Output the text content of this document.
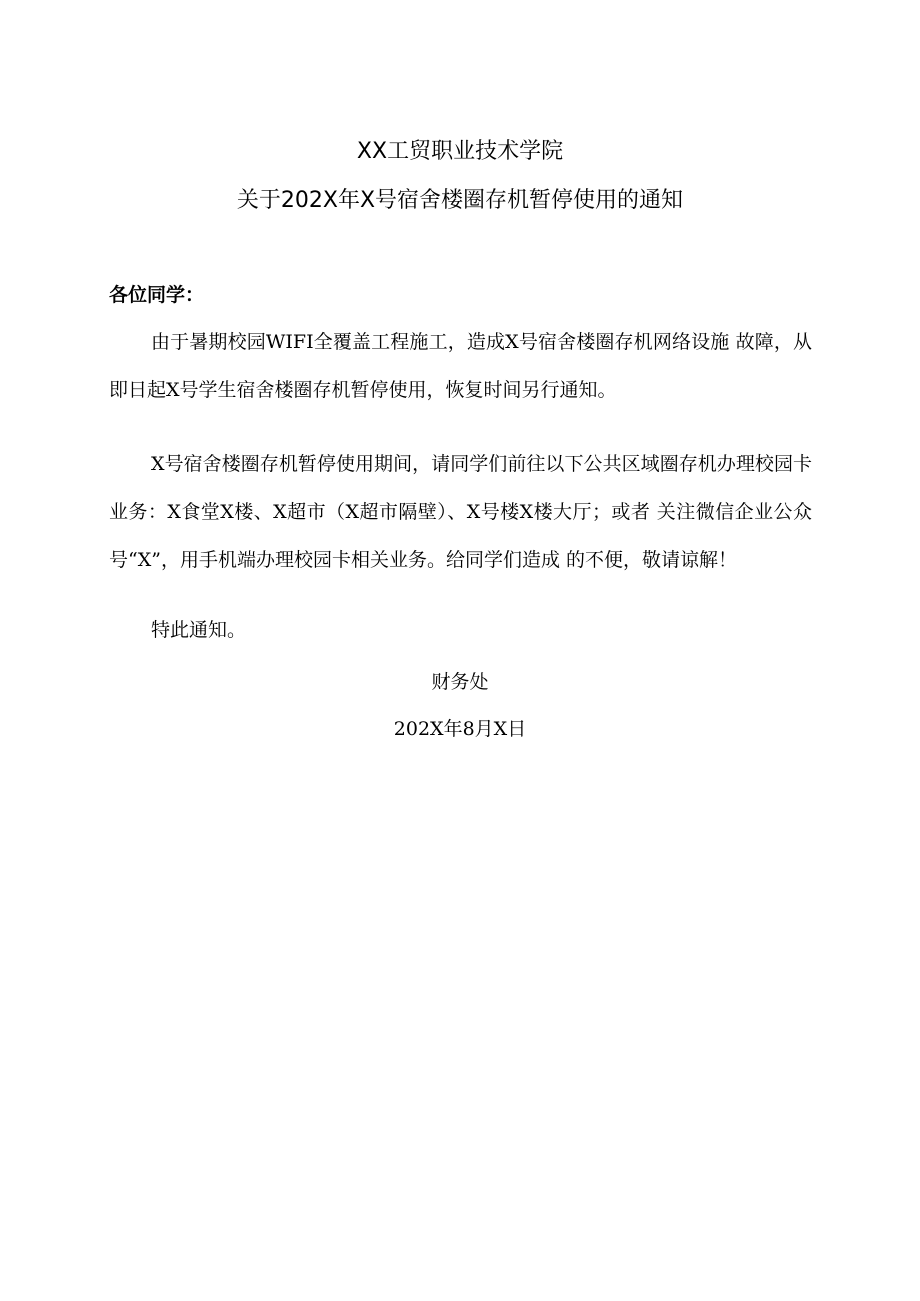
XX工贸职业技术学院
关于202X年X号宿舍楼圈存机暂停使用的通知
各位同学：

由于暑期校园WIFI全覆盖工程施工，造成X号宿舍楼圈存机网络设施 故障，从即日起X号学生宿舍楼圈存机暂停使用，恢复时间另行通知。

X号宿舍楼圈存机暂停使用期间，请同学们前往以下公共区域圈存机办理校园卡业务：X食堂X楼、X超市（X超市隔壁）、X号楼X楼大厅；或者 关注微信企业公众号“X”，用手机端办理校园卡相关业务。给同学们造成 的不便，敬请谅解！

特此通知。

财务处
202X年8月X日
